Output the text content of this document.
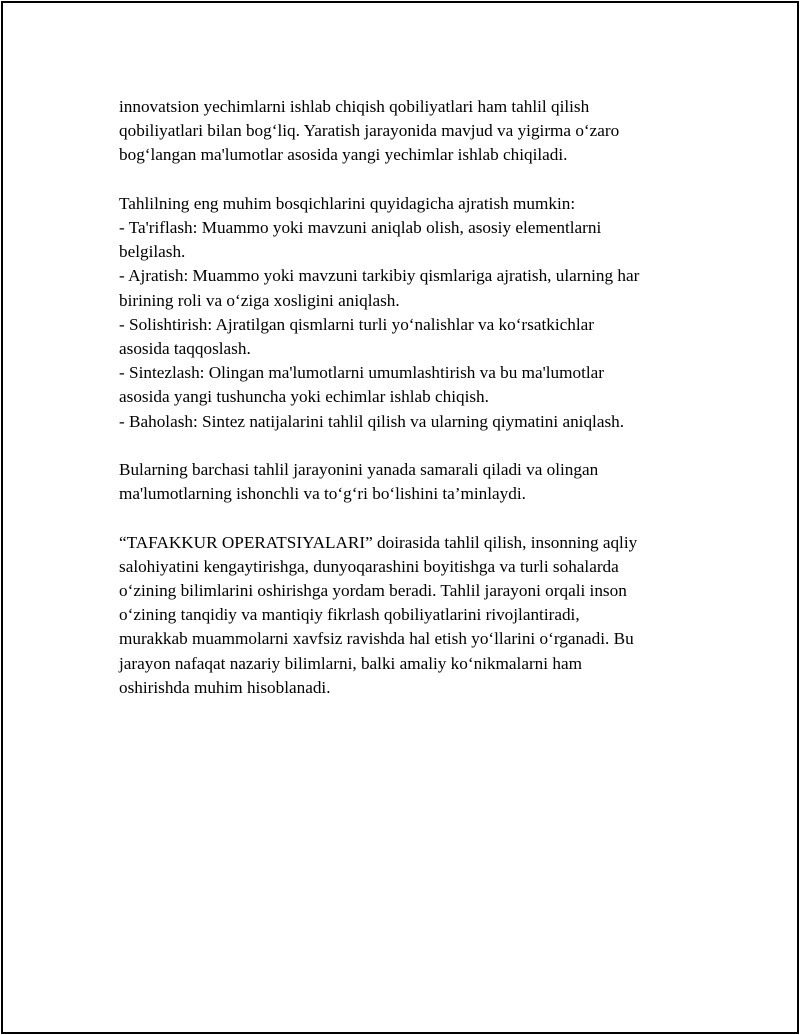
innovatsion yechimlarni ishlab chiqish qobiliyatlari ham tahlil qilish
qobiliyatlari bilan bog‘liq. Yaratish jarayonida mavjud va yigirma o‘zaro
bog‘langan ma'lumotlar asosida yangi yechimlar ishlab chiqiladi.

Tahlilning eng muhim bosqichlarini quyidagicha ajratish mumkin:
- Ta'riflash: Muammo yoki mavzuni aniqlab olish, asosiy elementlarni
belgilash.
- Ajratish: Muammo yoki mavzuni tarkibiy qismlariga ajratish, ularning har
birining roli va o‘ziga xosligini aniqlash.
- Solishtirish: Ajratilgan qismlarni turli yo‘nalishlar va ko‘rsatkichlar
asosida taqqoslash.
- Sintezlash: Olingan ma'lumotlarni umumlashtirish va bu ma'lumotlar
asosida yangi tushuncha yoki echimlar ishlab chiqish.
- Baholash: Sintez natijalarini tahlil qilish va ularning qiymatini aniqlash.

Bularning barchasi tahlil jarayonini yanada samarali qiladi va olingan
ma'lumotlarning ishonchli va to‘g‘ri bo‘lishini ta’minlaydi.

“TAFAKKUR OPERATSIYALARI” doirasida tahlil qilish, insonning aqliy
salohiyatini kengaytirishga, dunyoqarashini boyitishga va turli sohalarda
o‘zining bilimlarini oshirishga yordam beradi. Tahlil jarayoni orqali inson
o‘zining tanqidiy va mantiqiy fikrlash qobiliyatlarini rivojlantiradi,
murakkab muammolarni xavfsiz ravishda hal etish yo‘llarini o‘rganadi. Bu
jarayon nafaqat nazariy bilimlarni, balki amaliy ko‘nikmalarni ham
oshirishda muhim hisoblanadi.
